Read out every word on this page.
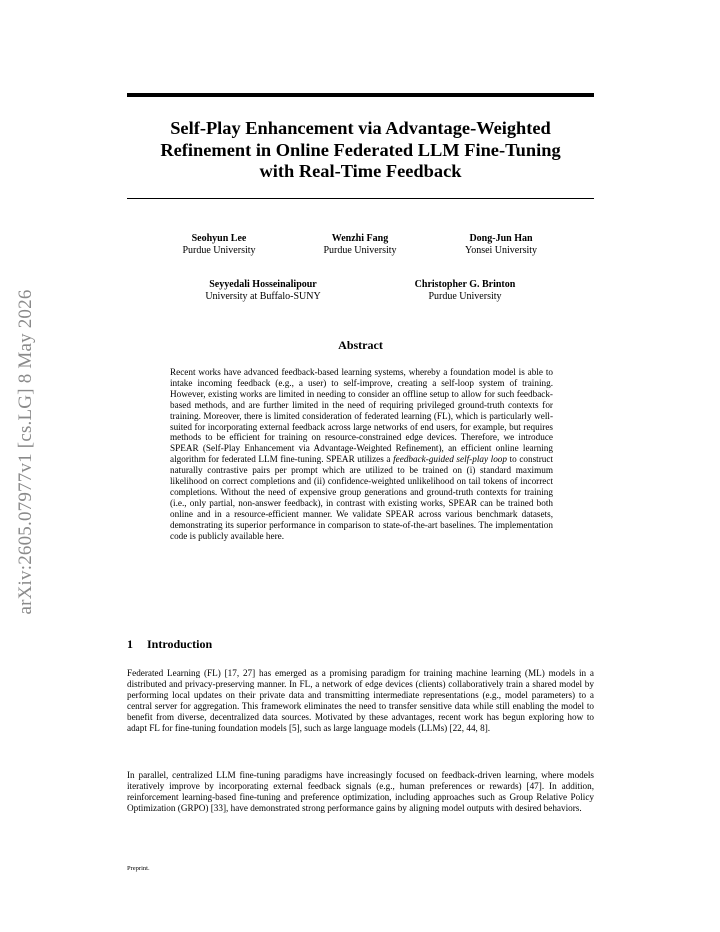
arXiv:2605.07977v1 [cs.LG] 8 May 2026
Self-Play Enhancement via Advantage-Weighted
Refinement in Online Federated LLM Fine-Tuning
with Real-Time Feedback
Seohyun Lee
Purdue University
Wenzhi Fang
Purdue University
Dong-Jun Han
Yonsei University
Seyyedali Hosseinalipour
University at Buffalo-SUNY
Christopher G. Brinton
Purdue University
Abstract
Recent works have advanced feedback-based learning systems, whereby a foundation model is able to intake incoming feedback (e.g., a user) to self-improve, creating a self-loop system of training. However, existing works are limited in needing to consider an offline setup to allow for such feedback-based methods, and are further limited in the need of requiring privileged ground-truth contexts for training. Moreover, there is limited consideration of federated learning (FL), which is particularly well-suited for incorporating external feedback across large networks of end users, for example, but requires methods to be efficient for training on resource-constrained edge devices. Therefore, we introduce SPEAR (Self-Play Enhancement via Advantage-Weighted Refinement), an efficient online learning algorithm for federated LLM fine-tuning. SPEAR utilizes a feedback-guided self-play loop to construct naturally contrastive pairs per prompt which are utilized to be trained on (i) standard maximum likelihood on correct completions and (ii) confidence-weighted unlikelihood on tail tokens of incorrect completions. Without the need of expensive group generations and ground-truth contexts for training (i.e., only partial, non-answer feedback), in contrast with existing works, SPEAR can be trained both online and in a resource-efficient manner. We validate SPEAR across various benchmark datasets, demonstrating its superior performance in comparison to state-of-the-art baselines. The implementation code is publicly available here.
1 Introduction
Federated Learning (FL) [17, 27] has emerged as a promising paradigm for training machine learning (ML) models in a distributed and privacy-preserving manner. In FL, a network of edge devices (clients) collaboratively train a shared model by performing local updates on their private data and transmitting intermediate representations (e.g., model parameters) to a central server for aggregation. This framework eliminates the need to transfer sensitive data while still enabling the model to benefit from diverse, decentralized data sources. Motivated by these advantages, recent work has begun exploring how to adapt FL for fine-tuning foundation models [5], such as large language models (LLMs) [22, 44, 8].
In parallel, centralized LLM fine-tuning paradigms have increasingly focused on feedback-driven learning, where models iteratively improve by incorporating external feedback signals (e.g., human preferences or rewards) [47]. In addition, reinforcement learning-based fine-tuning and preference optimization, including approaches such as Group Relative Policy Optimization (GRPO) [33], have demonstrated strong performance gains by aligning model outputs with desired behaviors.
Preprint.
